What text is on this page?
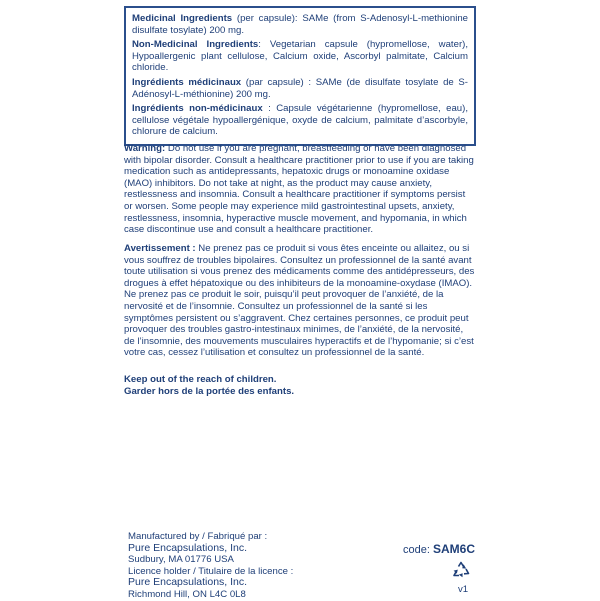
Medicinal Ingredients (per capsule): SAMe (from S-Adenosyl-L-methionine disulfate tosylate) 200 mg.

Non-Medicinal Ingredients: Vegetarian capsule (hypromellose, water), Hypoallergenic plant cellulose, Calcium oxide, Ascorbyl palmitate, Calcium chloride.

Ingrédients médicinaux (par capsule) : SAMe (de disulfate tosylate de S-Adénosyl-L-méthionine) 200 mg.

Ingrédients non-médicinaux : Capsule végétarienne (hypromellose, eau), cellulose végétale hypoallergénique, oxyde de calcium, palmitate d’ascorbyle, chlorure de calcium.

Warning: Do not use if you are pregnant, breastfeeding or have been diagnosed with bipolar disorder. Consult a healthcare practitioner prior to use if you are taking medication such as antidepressants, hepatoxic drugs or monoamine oxidase (MAO) inhibitors. Do not take at night, as the product may cause anxiety, restlessness and insomnia. Consult a healthcare practitioner if symptoms persist or worsen. Some people may experience mild gastrointestinal upsets, anxiety, restlessness, insomnia, hyperactive muscle movement, and hypomania, in which case discontinue use and consult a healthcare practitioner.

Avertissement : Ne prenez pas ce produit si vous êtes enceinte ou allaitez, ou si vous souffrez de troubles bipolaires. Consultez un professionnel de la santé avant toute utilisation si vous prenez des médicaments comme des antidépresseurs, des drogues à effet hépatoxique ou des inhibiteurs de la monoamine-oxydase (IMAO). Ne prenez pas ce produit le soir, puisqu’il peut provoquer de l’anxiété, de la nervosité et de l’insomnie. Consultez un professionnel de la santé si les symptômes persistent ou s’aggravent. Chez certaines personnes, ce produit peut provoquer des troubles gastro-intestinaux minimes, de l’anxiété, de la nervosité, de l’insomnie, des mouvements musculaires hyperactifs et de l’hypomanie; si c’est votre cas, cessez l’utilisation et consultez un professionnel de la santé.

Keep out of the reach of children.

Garder hors de la portée des enfants.

Manufactured by / Fabriqué par :
Pure Encapsulations, Inc.
Sudbury, MA 01776 USA
Licence holder / Titulaire de la licence :
Pure Encapsulations, Inc.
Richmond Hill, ON L4C 0L8
code: SAM6C
v1
